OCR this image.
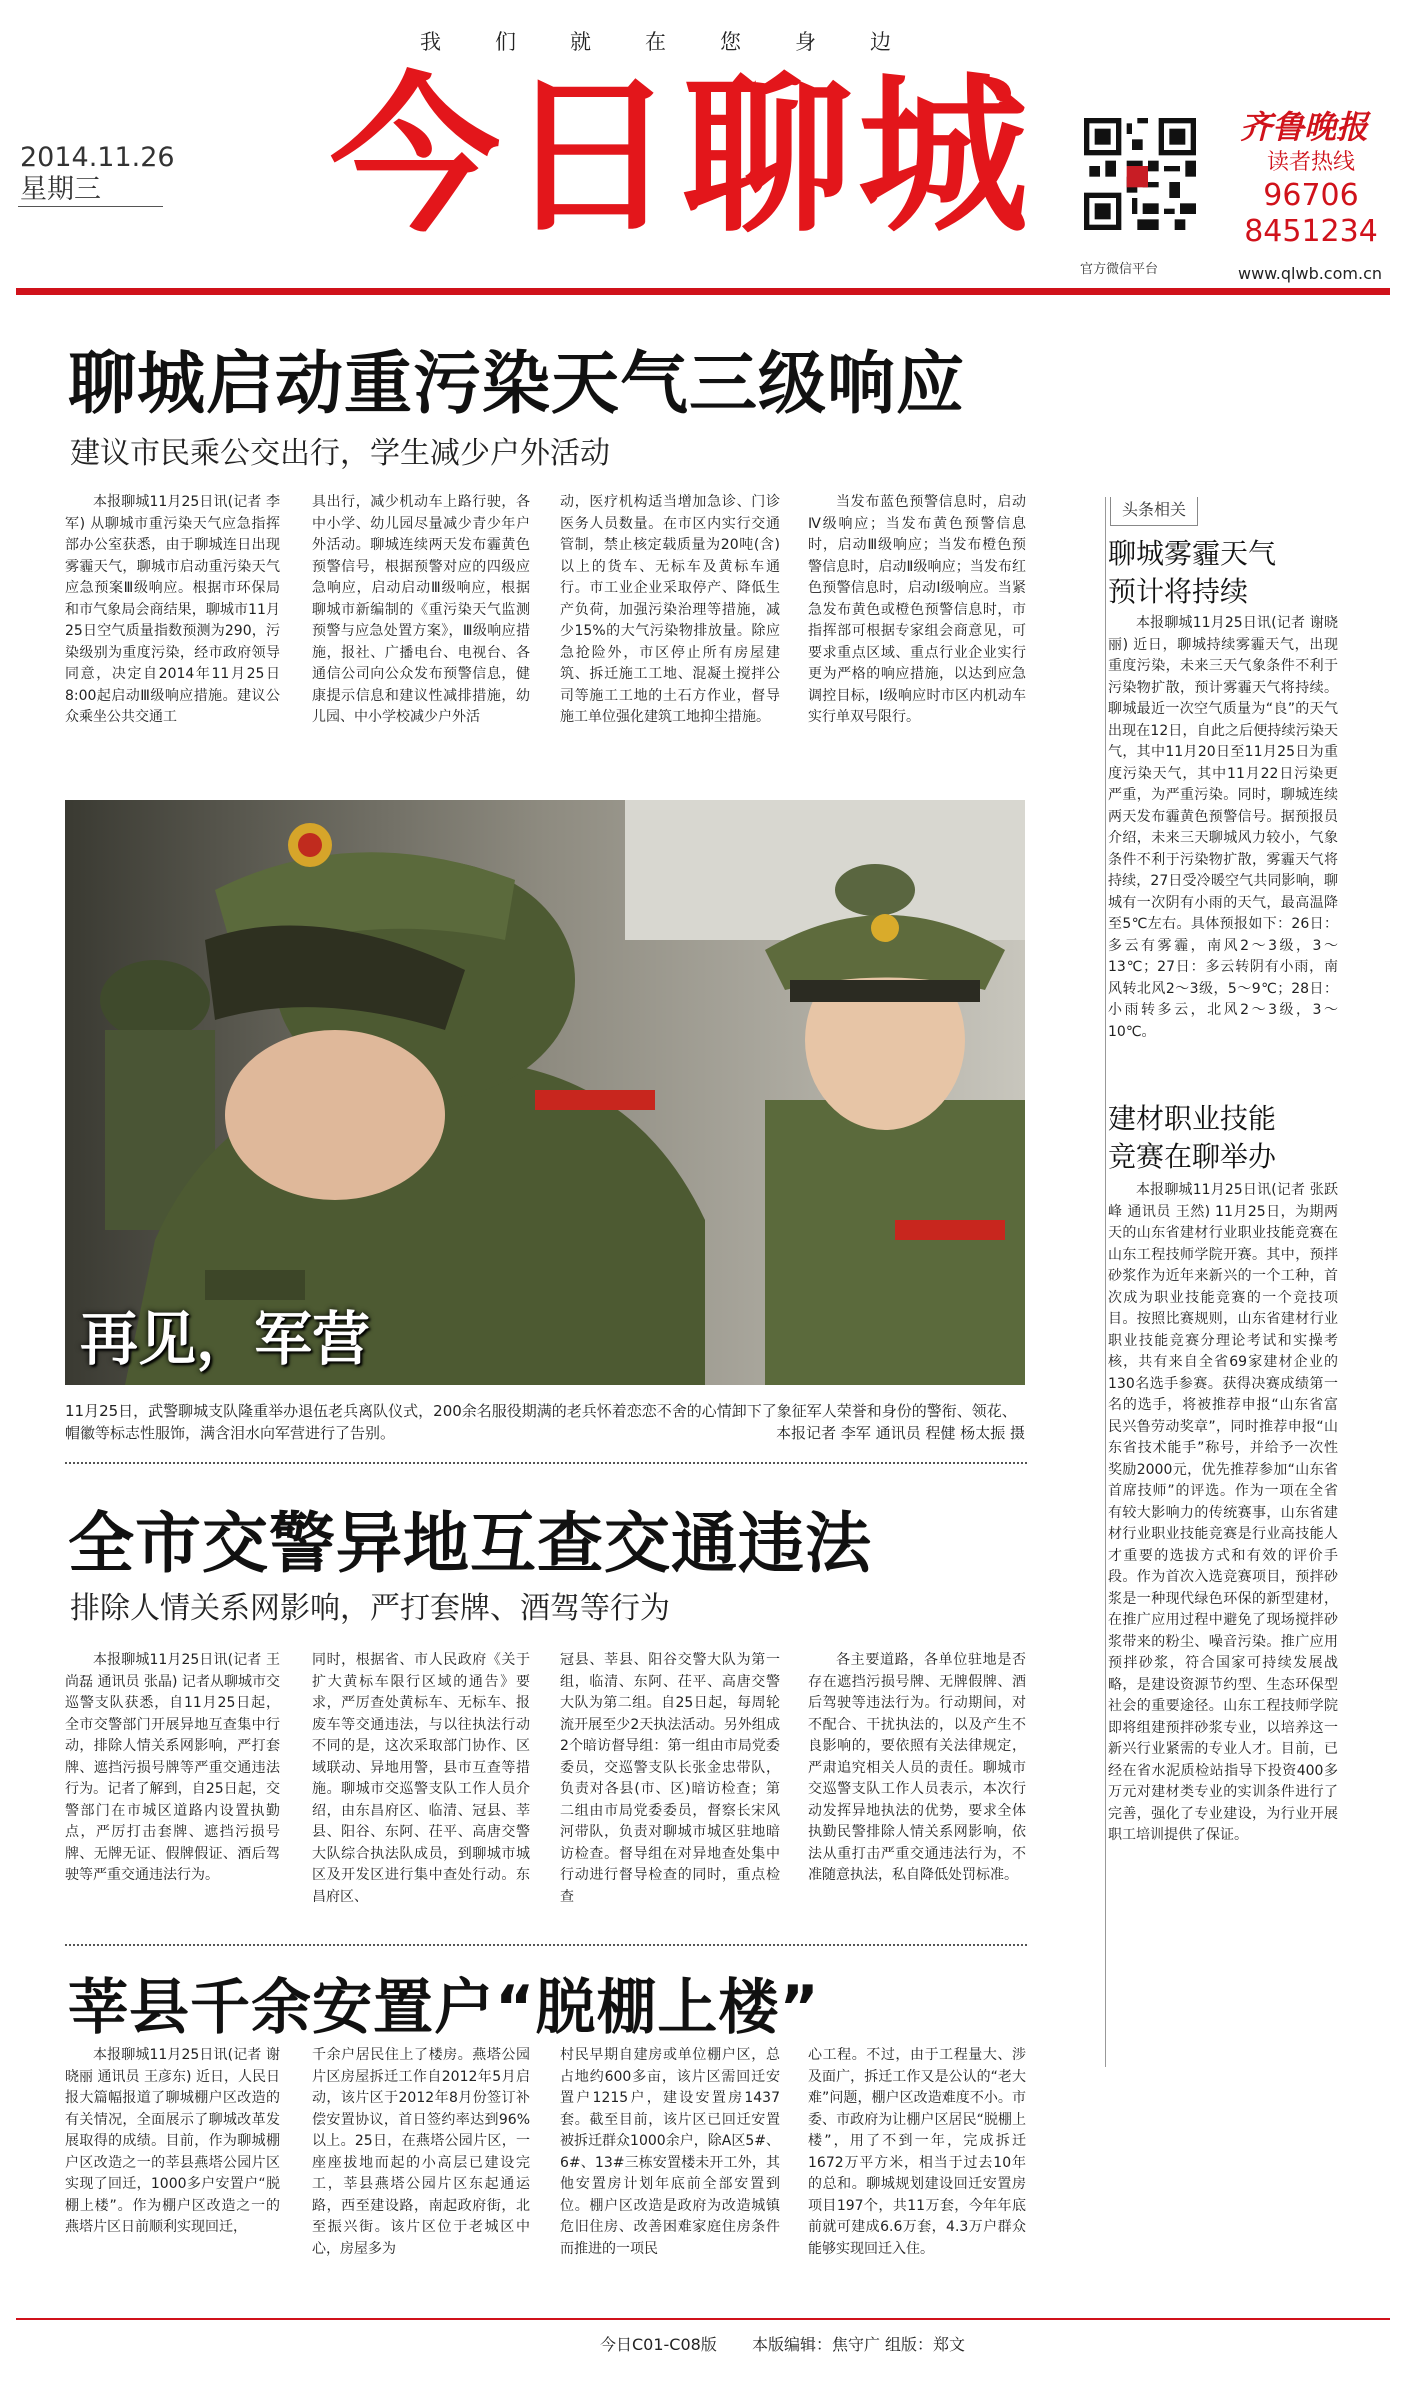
我们就在您身边
2014.11.26
星期三	今日聊城
官方微信平台
齐鲁晚报
读者热线
96706
8451234
www.qlwb.com.cn
聊城启动重污染天气三级响应
建议市民乘公交出行，学生减少户外活动

本报聊城11月25日讯(记者 李军) 从聊城市重污染天气应急指挥部办公室获悉，由于聊城连日出现雾霾天气，聊城市启动重污染天气应急预案Ⅲ级响应。根据市环保局和市气象局会商结果，聊城市11月25日空气质量指数预测为290，污染级别为重度污染，经市政府领导同意，决定自2014年11月25日8:00起启动Ⅲ级响应措施。建议公众乘坐公共交通工

具出行，减少机动车上路行驶，各中小学、幼儿园尽量减少青少年户外活动。聊城连续两天发布霾黄色预警信号，根据预警对应的四级应急响应，启动启动Ⅲ级响应，根据聊城市新编制的《重污染天气监测预警与应急处置方案》，Ⅲ级响应措施，报社、广播电台、电视台、各通信公司向公众发布预警信息，健康提示信息和建议性减排措施，幼儿园、中小学校减少户外活

动，医疗机构适当增加急诊、门诊医务人员数量。在市区内实行交通管制，禁止核定载质量为20吨(含)以上的货车、无标车及黄标车通行。市工业企业采取停产、降低生产负荷，加强污染治理等措施，减少15%的大气污染物排放量。除应急抢险外，市区停止所有房屋建筑、拆迁施工工地、混凝土搅拌公司等施工工地的土石方作业，督导施工单位强化建筑工地抑尘措施。

当发布蓝色预警信息时，启动Ⅳ级响应；当发布黄色预警信息时，启动Ⅲ级响应；当发布橙色预警信息时，启动Ⅱ级响应；当发布红色预警信息时，启动Ⅰ级响应。当紧急发布黄色或橙色预警信息时，市指挥部可根据专家组会商意见，可要求重点区域、重点行业企业实行更为严格的响应措施，以达到应急调控目标，Ⅰ级响应时市区内机动车实行单双号限行。

再见，军营
11月25日，武警聊城支队隆重举办退伍老兵离队仪式，200余名服役期满的老兵怀着恋恋不舍的心情卸下了象征军人荣誉和身份的警衔、领花、帽徽等标志性服饰，满含泪水向军营进行了告别。	本报记者 李军 通讯员 程健 杨太振 摄
全市交警异地互查交通违法
排除人情关系网影响，严打套牌、酒驾等行为

本报聊城11月25日讯(记者 王尚磊 通讯员 张晶) 记者从聊城市交巡警支队获悉，自11月25日起，全市交警部门开展异地互查集中行动，排除人情关系网影响，严打套牌、遮挡污损号牌等严重交通违法行为。记者了解到，自25日起，交警部门在市城区道路内设置执勤点，严厉打击套牌、遮挡污损号牌、无牌无证、假牌假证、酒后驾驶等严重交通违法行为。

同时，根据省、市人民政府《关于扩大黄标车限行区域的通告》要求，严厉查处黄标车、无标车、报废车等交通违法，与以往执法行动不同的是，这次采取部门协作、区域联动、异地用警，县市互查等措施。聊城市交巡警支队工作人员介绍，由东昌府区、临清、冠县、莘县、阳谷、东阿、茌平、高唐交警大队综合执法队成员，到聊城市城区及开发区进行集中查处行动。东昌府区、

冠县、莘县、阳谷交警大队为第一组，临清、东阿、茌平、高唐交警大队为第二组。自25日起，每周轮流开展至少2天执法活动。另外组成2个暗访督导组：第一组由市局党委委员，交巡警支队长张金忠带队，负责对各县(市、区)暗访检查；第二组由市局党委委员，督察长宋风河带队，负责对聊城市城区驻地暗访检查。督导组在对异地查处集中行动进行督导检查的同时，重点检查

各主要道路，各单位驻地是否存在遮挡污损号牌、无牌假牌、酒后驾驶等违法行为。行动期间，对不配合、干扰执法的，以及产生不良影响的，要依照有关法律规定，严肃追究相关人员的责任。聊城市交巡警支队工作人员表示，本次行动发挥异地执法的优势，要求全体执勤民警排除人情关系网影响，依法从重打击严重交通违法行为，不准随意执法，私自降低处罚标准。

莘县千余安置户“脱棚上楼”

本报聊城11月25日讯(记者 谢晓丽 通讯员 王彦东) 近日，人民日报大篇幅报道了聊城棚户区改造的有关情况，全面展示了聊城改革发展取得的成绩。目前，作为聊城棚户区改造之一的莘县燕塔公园片区实现了回迁，1000多户安置户“脱棚上楼”。作为棚户区改造之一的燕塔片区日前顺利实现回迁，

千余户居民住上了楼房。燕塔公园片区房屋拆迁工作自2012年5月启动，该片区于2012年8月份签订补偿安置协议，首日签约率达到96%以上。25日，在燕塔公园片区，一座座拔地而起的小高层已建设完工，莘县燕塔公园片区东起通运路，西至建设路，南起政府街，北至振兴街。该片区位于老城区中心，房屋多为

村民早期自建房或单位棚户区，总占地约600多亩，该片区需回迁安置户1215户，建设安置房1437套。截至目前，该片区已回迁安置被拆迁群众1000余户，除A区5#、6#、13#三栋安置楼未开工外，其他安置房计划年底前全部安置到位。棚户区改造是政府为改造城镇危旧住房、改善困难家庭住房条件而推进的一项民

心工程。不过，由于工程量大、涉及面广，拆迁工作又是公认的“老大难”问题，棚户区改造难度不小。市委、市政府为让棚户区居民“脱棚上楼”，用了不到一年，完成拆迁1672万平方米，相当于过去10年的总和。聊城规划建设回迁安置房项目197个，共11万套，今年年底前就可建成6.6万套，4.3万户群众能够实现回迁入住。

头条相关
聊城雾霾天气
预计将持续

本报聊城11月25日讯(记者 谢晓丽) 近日，聊城持续雾霾天气，出现重度污染，未来三天气象条件不利于污染物扩散，预计雾霾天气将持续。聊城最近一次空气质量为“良”的天气出现在12日，自此之后便持续污染天气，其中11月20日至11月25日为重度污染天气，其中11月22日污染更严重，为严重污染。同时，聊城连续两天发布霾黄色预警信号。据预报员介绍，未来三天聊城风力较小，气象条件不利于污染物扩散，雾霾天气将持续，27日受冷暖空气共同影响，聊城有一次阴有小雨的天气，最高温降至5℃左右。具体预报如下：26日：多云有雾霾，南风2～3级，3～13℃；27日：多云转阴有小雨，南风转北风2～3级，5～9℃；28日：小雨转多云，北风2～3级，3～10℃。

建材职业技能
竞赛在聊举办

本报聊城11月25日讯(记者 张跃峰 通讯员 王然) 11月25日，为期两天的山东省建材行业职业技能竞赛在山东工程技师学院开赛。其中，预拌砂浆作为近年来新兴的一个工种，首次成为职业技能竞赛的一个竞技项目。按照比赛规则，山东省建材行业职业技能竞赛分理论考试和实操考核，共有来自全省69家建材企业的130名选手参赛。获得决赛成绩第一名的选手，将被推荐申报“山东省富民兴鲁劳动奖章”，同时推荐申报“山东省技术能手”称号，并给予一次性奖励2000元，优先推荐参加“山东省首席技师”的评选。作为一项在全省有较大影响力的传统赛事，山东省建材行业职业技能竞赛是行业高技能人才重要的选拔方式和有效的评价手段。作为首次入选竞赛项目，预拌砂浆是一种现代绿色环保的新型建材，在推广应用过程中避免了现场搅拌砂浆带来的粉尘、噪音污染。推广应用预拌砂浆，符合国家可持续发展战略，是建设资源节约型、生态环保型社会的重要途径。山东工程技师学院即将组建预拌砂浆专业，以培养这一新兴行业紧需的专业人才。目前，已经在省水泥质检站指导下投资400多万元对建材类专业的实训条件进行了完善，强化了专业建设，为行业开展职工培训提供了保证。

今日C01-C08版 本版编辑：焦守广 组版：郑文
